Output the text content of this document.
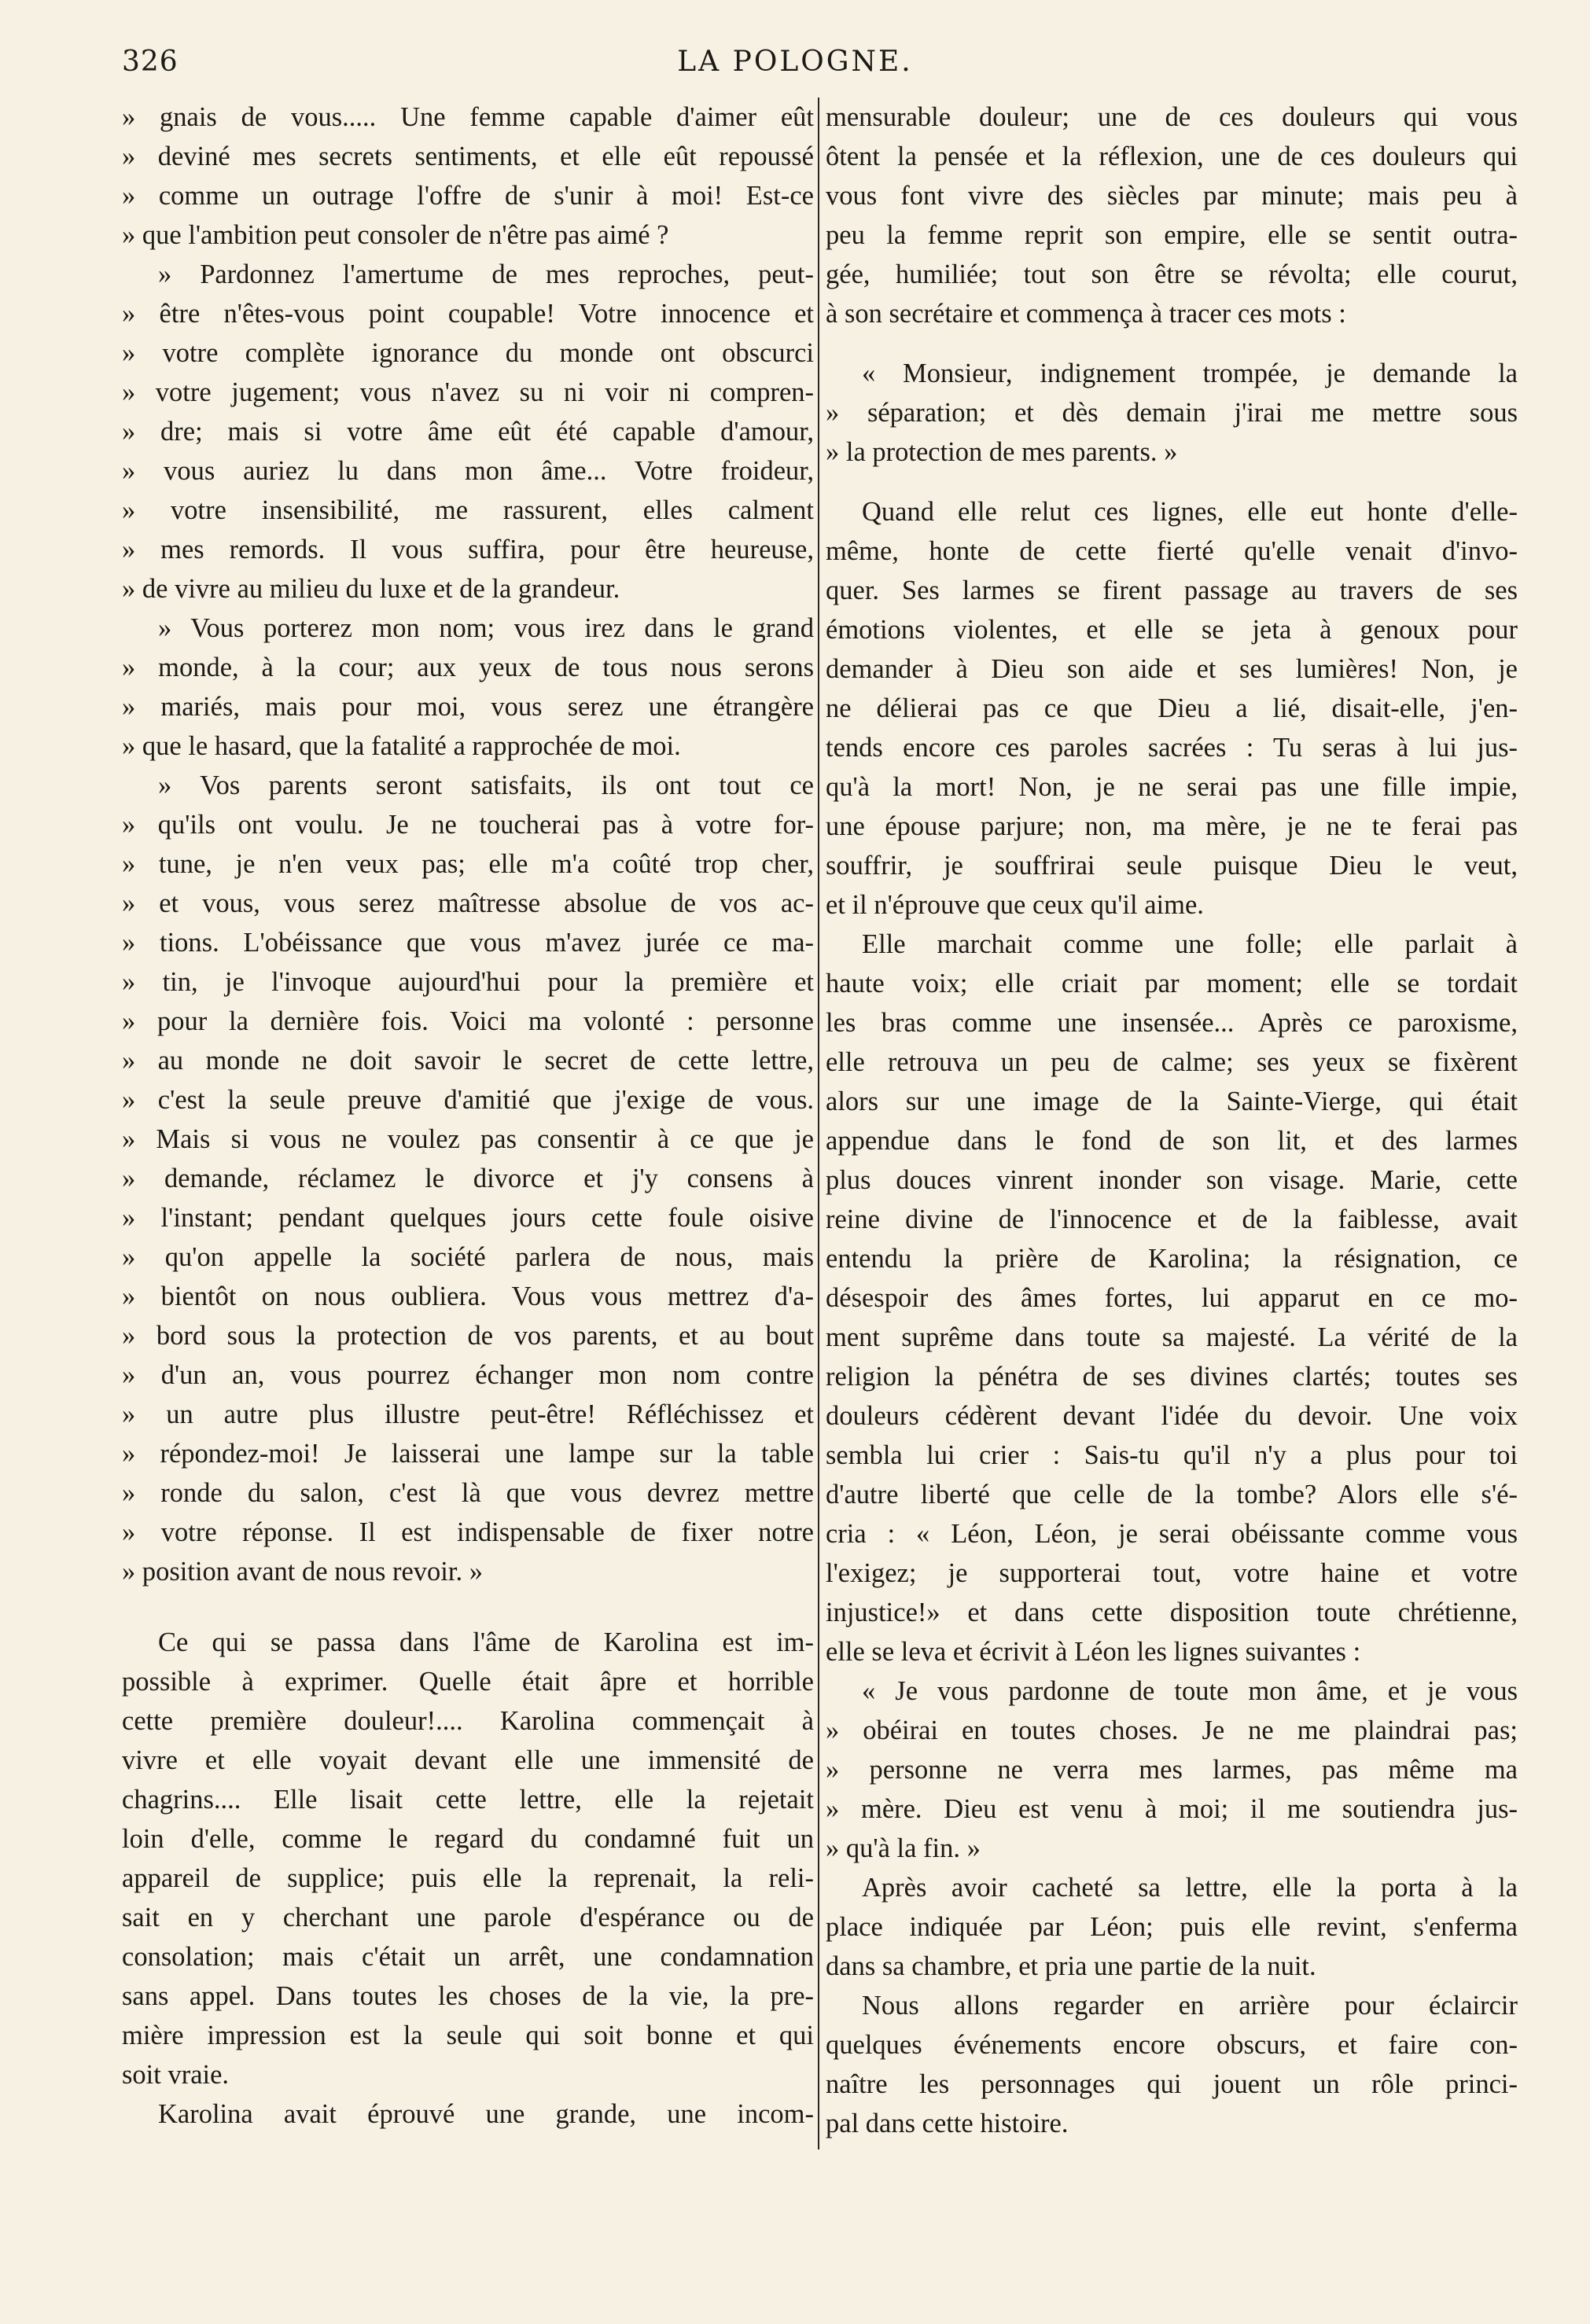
LA POLOGNE.
326
» gnais de vous..... Une femme capable d'aimer eût
» deviné mes secrets sentiments, et elle eût repoussé
» comme un outrage l'offre de s'unir à moi! Est-ce
» que l'ambition peut consoler de n'être pas aimé ?
» Pardonnez l'amertume de mes reproches, peut-
» être n'êtes-vous point coupable! Votre innocence et
» votre complète ignorance du monde ont obscurci
» votre jugement; vous n'avez su ni voir ni compren-
» dre; mais si votre âme eût été capable d'amour,
» vous auriez lu dans mon âme... Votre froideur,
» votre insensibilité, me rassurent, elles calment
» mes remords. Il vous suffira, pour être heureuse,
» de vivre au milieu du luxe et de la grandeur.
» Vous porterez mon nom; vous irez dans le grand
» monde, à la cour; aux yeux de tous nous serons
» mariés, mais pour moi, vous serez une étrangère
» que le hasard, que la fatalité a rapprochée de moi.
» Vos parents seront satisfaits, ils ont tout ce
» qu'ils ont voulu. Je ne toucherai pas à votre for-
» tune, je n'en veux pas; elle m'a coûté trop cher,
» et vous, vous serez maîtresse absolue de vos ac-
» tions. L'obéissance que vous m'avez jurée ce ma-
» tin, je l'invoque aujourd'hui pour la première et
» pour la dernière fois. Voici ma volonté : personne
» au monde ne doit savoir le secret de cette lettre,
» c'est la seule preuve d'amitié que j'exige de vous.
» Mais si vous ne voulez pas consentir à ce que je
» demande, réclamez le divorce et j'y consens à
» l'instant; pendant quelques jours cette foule oisive
» qu'on appelle la société parlera de nous, mais
» bientôt on nous oubliera. Vous vous mettrez d'a-
» bord sous la protection de vos parents, et au bout
» d'un an, vous pourrez échanger mon nom contre
» un autre plus illustre peut-être! Réfléchissez et
» répondez-moi! Je laisserai une lampe sur la table
» ronde du salon, c'est là que vous devrez mettre
» votre réponse. Il est indispensable de fixer notre
» position avant de nous revoir. »
Ce qui se passa dans l'âme de Karolina est im-
possible à exprimer. Quelle était âpre et horrible
cette première douleur!.... Karolina commençait à
vivre et elle voyait devant elle une immensité de
chagrins.... Elle lisait cette lettre, elle la rejetait
loin d'elle, comme le regard du condamné fuit un
appareil de supplice; puis elle la reprenait, la reli-
sait en y cherchant une parole d'espérance ou de
consolation; mais c'était un arrêt, une condamnation
sans appel. Dans toutes les choses de la vie, la pre-
mière impression est la seule qui soit bonne et qui
soit vraie.
Karolina avait éprouvé une grande, une incom-
mensurable douleur; une de ces douleurs qui vous
ôtent la pensée et la réflexion, une de ces douleurs qui
vous font vivre des siècles par minute; mais peu à
peu la femme reprit son empire, elle se sentit outra-
gée, humiliée; tout son être se révolta; elle courut,
à son secrétaire et commença à tracer ces mots :
« Monsieur, indignement trompée, je demande la
» séparation; et dès demain j'irai me mettre sous
» la protection de mes parents. »
Quand elle relut ces lignes, elle eut honte d'elle-
même, honte de cette fierté qu'elle venait d'invo-
quer. Ses larmes se firent passage au travers de ses
émotions violentes, et elle se jeta à genoux pour
demander à Dieu son aide et ses lumières! Non, je
ne délierai pas ce que Dieu a lié, disait-elle, j'en-
tends encore ces paroles sacrées : Tu seras à lui jus-
qu'à la mort! Non, je ne serai pas une fille impie,
une épouse parjure; non, ma mère, je ne te ferai pas
souffrir, je souffrirai seule puisque Dieu le veut,
et il n'éprouve que ceux qu'il aime.
Elle marchait comme une folle; elle parlait à
haute voix; elle criait par moment; elle se tordait
les bras comme une insensée... Après ce paroxisme,
elle retrouva un peu de calme; ses yeux se fixèrent
alors sur une image de la Sainte-Vierge, qui était
appendue dans le fond de son lit, et des larmes
plus douces vinrent inonder son visage. Marie, cette
reine divine de l'innocence et de la faiblesse, avait
entendu la prière de Karolina; la résignation, ce
désespoir des âmes fortes, lui apparut en ce mo-
ment suprême dans toute sa majesté. La vérité de la
religion la pénétra de ses divines clartés; toutes ses
douleurs cédèrent devant l'idée du devoir. Une voix
sembla lui crier : Sais-tu qu'il n'y a plus pour toi
d'autre liberté que celle de la tombe? Alors elle s'é-
cria : « Léon, Léon, je serai obéissante comme vous
l'exigez; je supporterai tout, votre haine et votre
injustice!» et dans cette disposition toute chrétienne,
elle se leva et écrivit à Léon les lignes suivantes :
« Je vous pardonne de toute mon âme, et je vous
» obéirai en toutes choses. Je ne me plaindrai pas;
» personne ne verra mes larmes, pas même ma
» mère. Dieu est venu à moi; il me soutiendra jus-
» qu'à la fin. »
Après avoir cacheté sa lettre, elle la porta à la
place indiquée par Léon; puis elle revint, s'enferma
dans sa chambre, et pria une partie de la nuit.
Nous allons regarder en arrière pour éclaircir
quelques événements encore obscurs, et faire con-
naître les personnages qui jouent un rôle princi-
pal dans cette histoire.
